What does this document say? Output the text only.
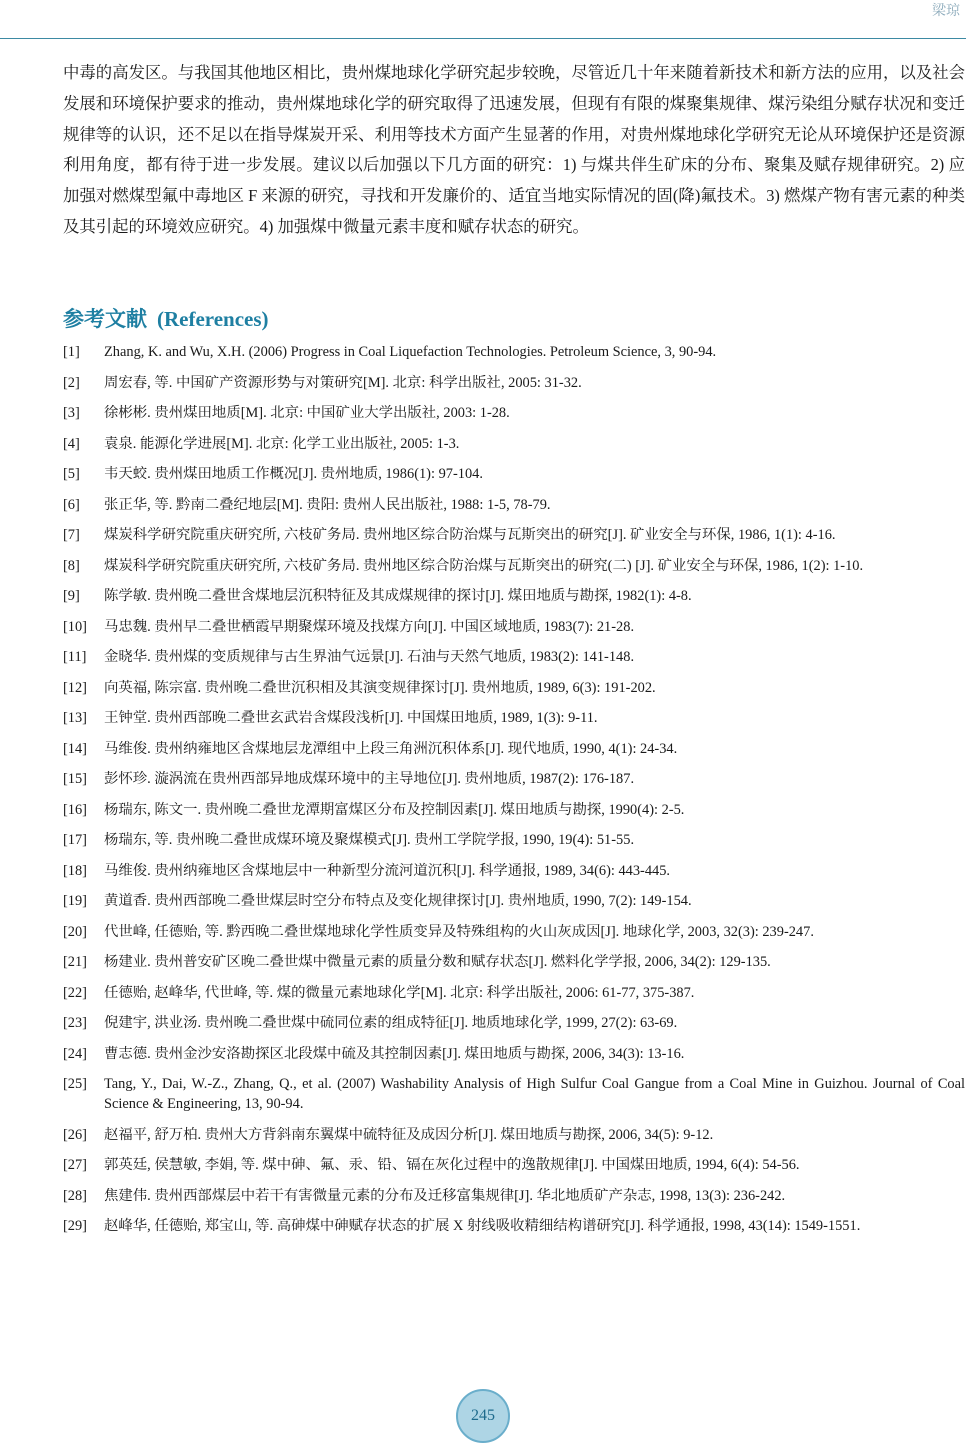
梁琼

中毒的高发区。与我国其他地区相比，贵州煤地球化学研究起步较晚，尽管近几十年来随着新技术和新方法的应用，以及社会发展和环境保护要求的推动，贵州煤地球化学的研究取得了迅速发展，但现有有限的煤聚集规律、煤污染组分赋存状况和变迁规律等的认识，还不足以在指导煤炭开采、利用等技术方面产生显著的作用，对贵州煤地球化学研究无论从环境保护还是资源利用角度，都有待于进一步发展。建议以后加强以下几方面的研究：1) 与煤共伴生矿床的分布、聚集及赋存规律研究。2) 应加强对燃煤型氟中毒地区 F 来源的研究，寻找和开发廉价的、适宜当地实际情况的固(降)氟技术。3) 燃煤产物有害元素的种类及其引起的环境效应研究。4) 加强煤中微量元素丰度和赋存状态的研究。

参考文献 (References)
[1] Zhang, K. and Wu, X.H. (2006) Progress in Coal Liquefaction Technologies. Petroleum Science, 3, 90-94.
[2] 周宏春, 等. 中国矿产资源形势与对策研究[M]. 北京: 科学出版社, 2005: 31-32.
[3] 徐彬彬. 贵州煤田地质[M]. 北京: 中国矿业大学出版社, 2003: 1-28.
[4] 袁泉. 能源化学进展[M]. 北京: 化学工业出版社, 2005: 1-3.
[5] 韦天蛟. 贵州煤田地质工作概况[J]. 贵州地质, 1986(1): 97-104.
[6] 张正华, 等. 黔南二叠纪地层[M]. 贵阳: 贵州人民出版社, 1988: 1-5, 78-79.
[7] 煤炭科学研究院重庆研究所, 六枝矿务局. 贵州地区综合防治煤与瓦斯突出的研究[J]. 矿业安全与环保, 1986, 1(1): 4-16.
[8] 煤炭科学研究院重庆研究所, 六枝矿务局. 贵州地区综合防治煤与瓦斯突出的研究(二) [J]. 矿业安全与环保, 1986, 1(2): 1-10.
[9] 陈学敏. 贵州晚二叠世含煤地层沉积特征及其成煤规律的探讨[J]. 煤田地质与勘探, 1982(1): 4-8.
[10] 马忠魏. 贵州早二叠世栖霞早期聚煤环境及找煤方向[J]. 中国区域地质, 1983(7): 21-28.
[11] 金晓华. 贵州煤的变质规律与古生界油气远景[J]. 石油与天然气地质, 1983(2): 141-148.
[12] 向英福, 陈宗富. 贵州晚二叠世沉积相及其演变规律探讨[J]. 贵州地质, 1989, 6(3): 191-202.
[13] 王钟堂. 贵州西部晚二叠世玄武岩含煤段浅析[J]. 中国煤田地质, 1989, 1(3): 9-11.
[14] 马维俊. 贵州纳雍地区含煤地层龙潭组中上段三角洲沉积体系[J]. 现代地质, 1990, 4(1): 24-34.
[15] 彭怀珍. 漩涡流在贵州西部异地成煤环境中的主导地位[J]. 贵州地质, 1987(2): 176-187.
[16] 杨瑞东, 陈文一. 贵州晚二叠世龙潭期富煤区分布及控制因素[J]. 煤田地质与勘探, 1990(4): 2-5.
[17] 杨瑞东, 等. 贵州晚二叠世成煤环境及聚煤模式[J]. 贵州工学院学报, 1990, 19(4): 51-55.
[18] 马维俊. 贵州纳雍地区含煤地层中一种新型分流河道沉积[J]. 科学通报, 1989, 34(6): 443-445.
[19] 黄道香. 贵州西部晚二叠世煤层时空分布特点及变化规律探讨[J]. 贵州地质, 1990, 7(2): 149-154.
[20] 代世峰, 任德贻, 等. 黔西晚二叠世煤地球化学性质变异及特殊组构的火山灰成因[J]. 地球化学, 2003, 32(3): 239-247.
[21] 杨建业. 贵州普安矿区晚二叠世煤中微量元素的质量分数和赋存状态[J]. 燃料化学学报, 2006, 34(2): 129-135.
[22] 任德贻, 赵峰华, 代世峰, 等. 煤的微量元素地球化学[M]. 北京: 科学出版社, 2006: 61-77, 375-387.
[23] 倪建宇, 洪业汤. 贵州晚二叠世煤中硫同位素的组成特征[J]. 地质地球化学, 1999, 27(2): 63-69.
[24] 曹志德. 贵州金沙安洛勘探区北段煤中硫及其控制因素[J]. 煤田地质与勘探, 2006, 34(3): 13-16.
[25] Tang, Y., Dai, W.-Z., Zhang, Q., et al. (2007) Washability Analysis of High Sulfur Coal Gangue from a Coal Mine in Guizhou. Journal of Coal Science & Engineering, 13, 90-94.
[26] 赵福平, 舒万柏. 贵州大方背斜南东翼煤中硫特征及成因分析[J]. 煤田地质与勘探, 2006, 34(5): 9-12.
[27] 郭英廷, 侯慧敏, 李娟, 等. 煤中砷、氟、汞、铅、镉在灰化过程中的逸散规律[J]. 中国煤田地质, 1994, 6(4): 54-56.
[28] 焦建伟. 贵州西部煤层中若干有害微量元素的分布及迁移富集规律[J]. 华北地质矿产杂志, 1998, 13(3): 236-242.
[29] 赵峰华, 任德贻, 郑宝山, 等. 高砷煤中砷赋存状态的扩展 X 射线吸收精细结构谱研究[J]. 科学通报, 1998, 43(14): 1549-1551.
245
